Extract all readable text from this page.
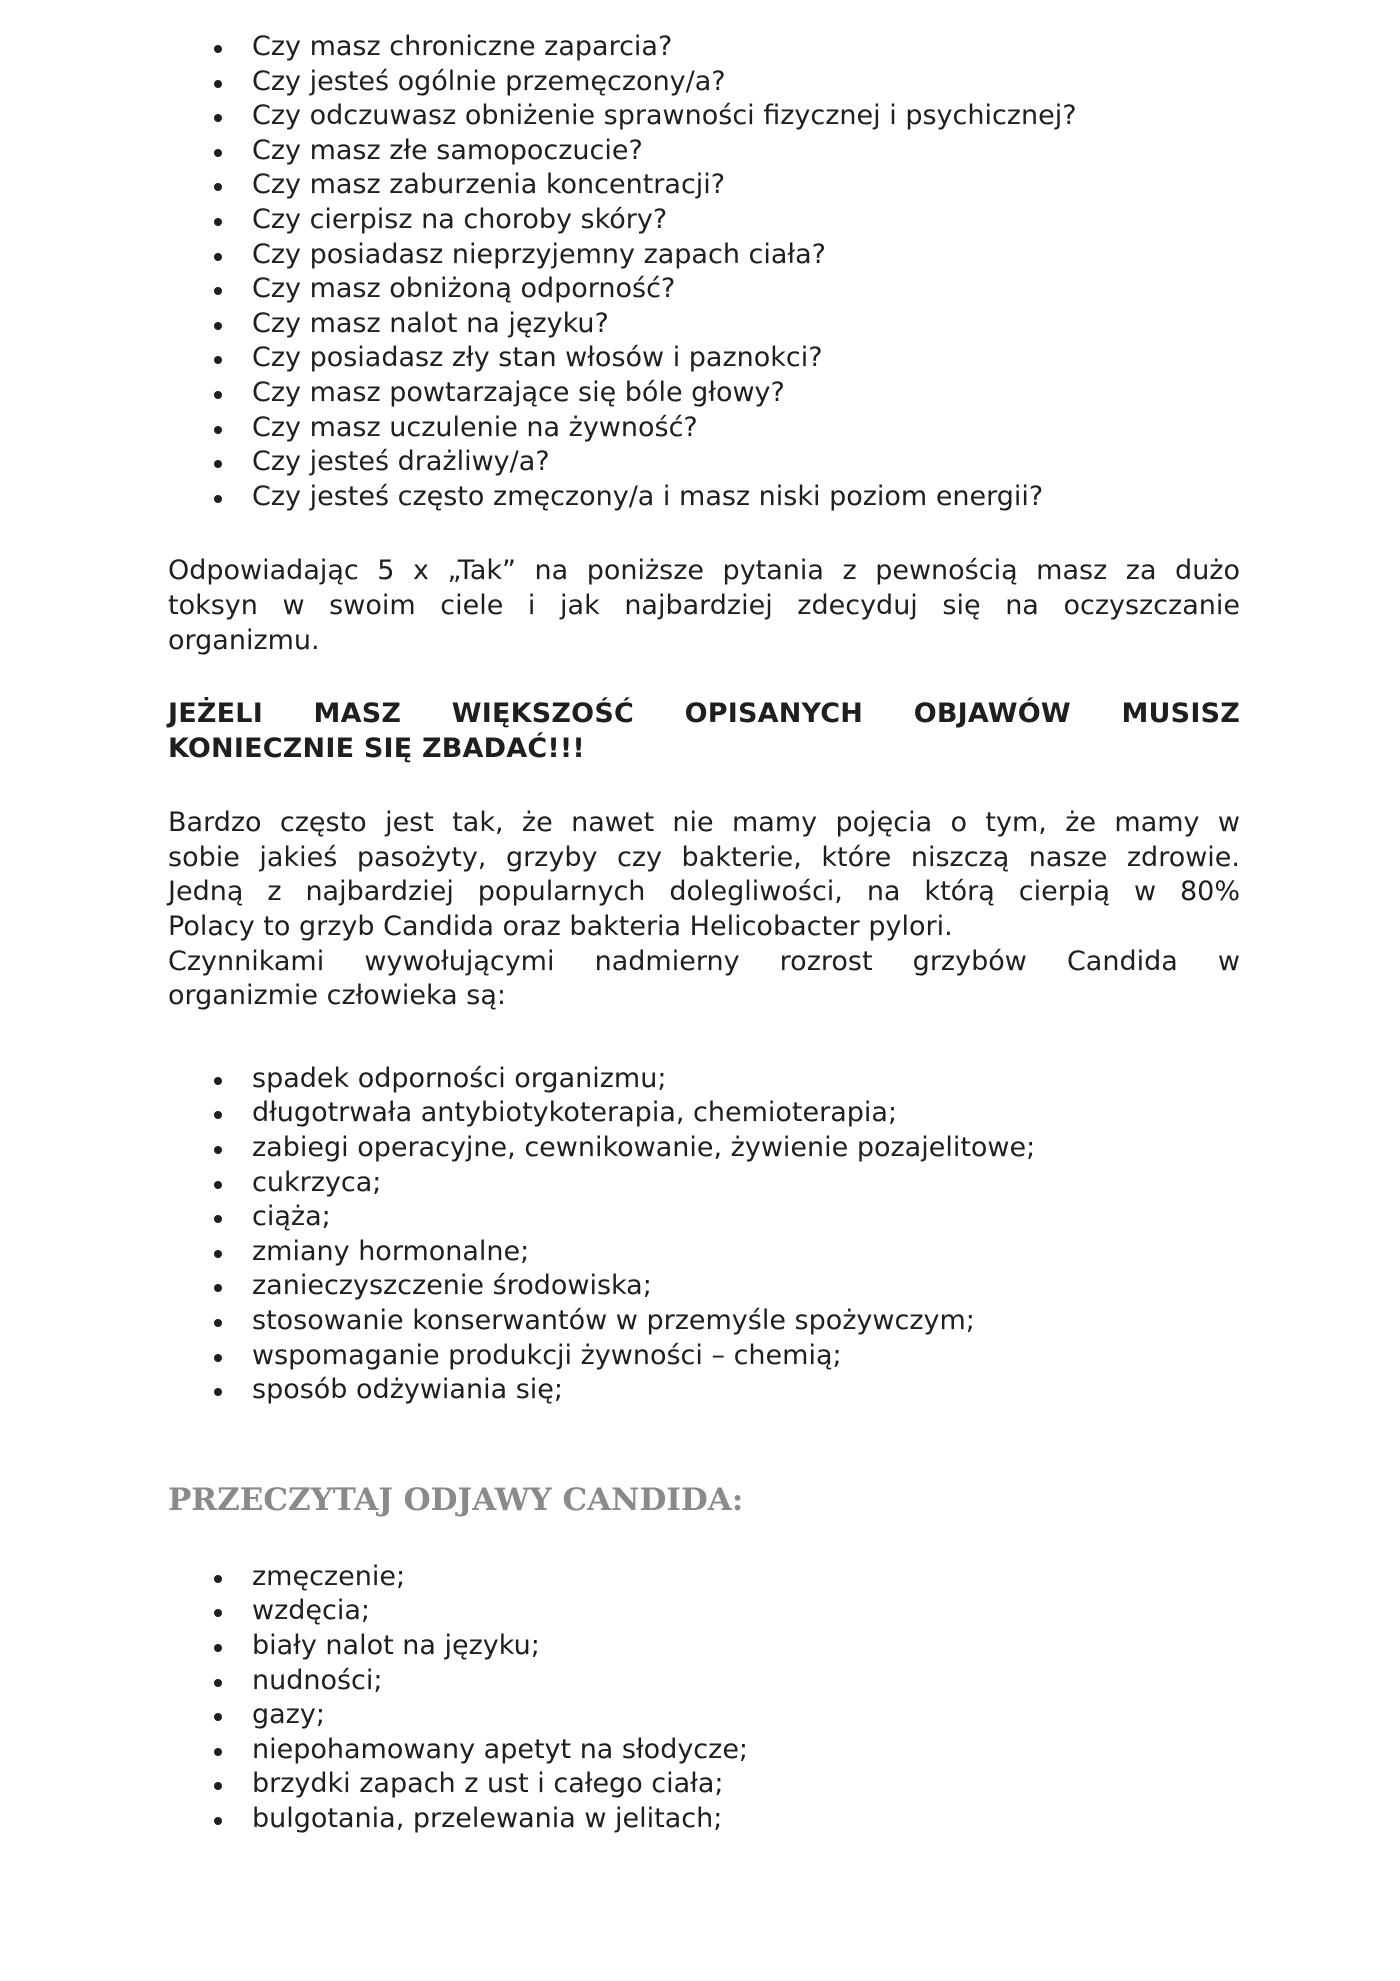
Czy masz chroniczne zaparcia?
Czy jesteś ogólnie przemęczony/a?
Czy odczuwasz obniżenie sprawności fizycznej i psychicznej?
Czy masz złe samopoczucie?
Czy masz zaburzenia koncentracji?
Czy cierpisz na choroby skóry?
Czy posiadasz nieprzyjemny zapach ciała?
Czy masz obniżoną odporność?
Czy masz nalot na języku?
Czy posiadasz zły stan włosów i paznokci?
Czy masz powtarzające się bóle głowy?
Czy masz uczulenie na żywność?
Czy jesteś drażliwy/a?
Czy jesteś często zmęczony/a i masz niski poziom energii?

Odpowiadając 5 x „Tak” na poniższe pytania z pewnością masz za dużo
toksyn w swoim ciele i jak najbardziej zdecyduj się na oczyszczanie
organizmu.

JEŻELI MASZ WIĘKSZOŚĆ OPISANYCH OBJAWÓW MUSISZ
KONIECZNIE SIĘ ZBADAĆ!!!

Bardzo często jest tak, że nawet nie mamy pojęcia o tym, że mamy w
sobie jakieś pasożyty, grzyby czy bakterie, które niszczą nasze zdrowie.
Jedną z najbardziej popularnych dolegliwości, na którą cierpią w 80%
Polacy to grzyb Candida oraz bakteria Helicobacter pylori.
Czynnikami wywołującymi nadmierny rozrost grzybów Candida w
organizmie człowieka są:

spadek odporności organizmu;
długotrwała antybiotykoterapia, chemioterapia;
zabiegi operacyjne, cewnikowanie, żywienie pozajelitowe;
cukrzyca;
ciąża;
zmiany hormonalne;
zanieczyszczenie środowiska;
stosowanie konserwantów w przemyśle spożywczym;
wspomaganie produkcji żywności – chemią;
sposób odżywiania się;
PRZECZYTAJ ODJAWY CANDIDA:
zmęczenie;
wzdęcia;
biały nalot na języku;
nudności;
gazy;
niepohamowany apetyt na słodycze;
brzydki zapach z ust i całego ciała;
bulgotania, przelewania w jelitach;
